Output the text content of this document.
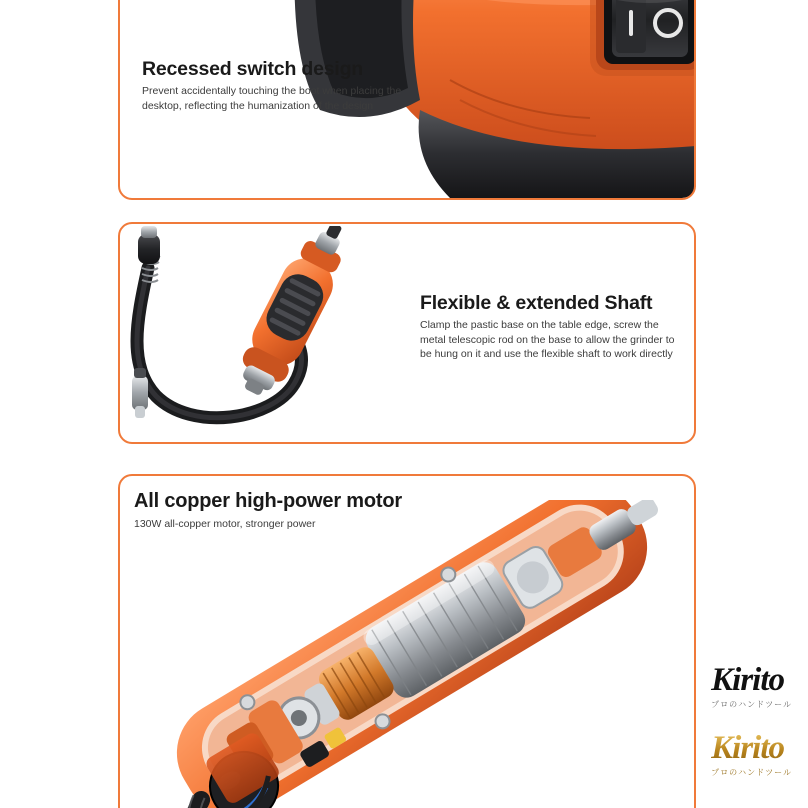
Recessed switch design
Prevent accidentally touching the boot when placing the desktop, reflecting the humanization of the design
Flexible & extended Shaft
Clamp the pastic base on the table edge, screw the metal telescopic rod on the base to allow the grinder to be hung on it and use the flexible shaft to work directly
All copper high-power motor
130W all-copper motor, stronger power
Kirito
プロのハンドツール
Kirito
プロのハンドツール
